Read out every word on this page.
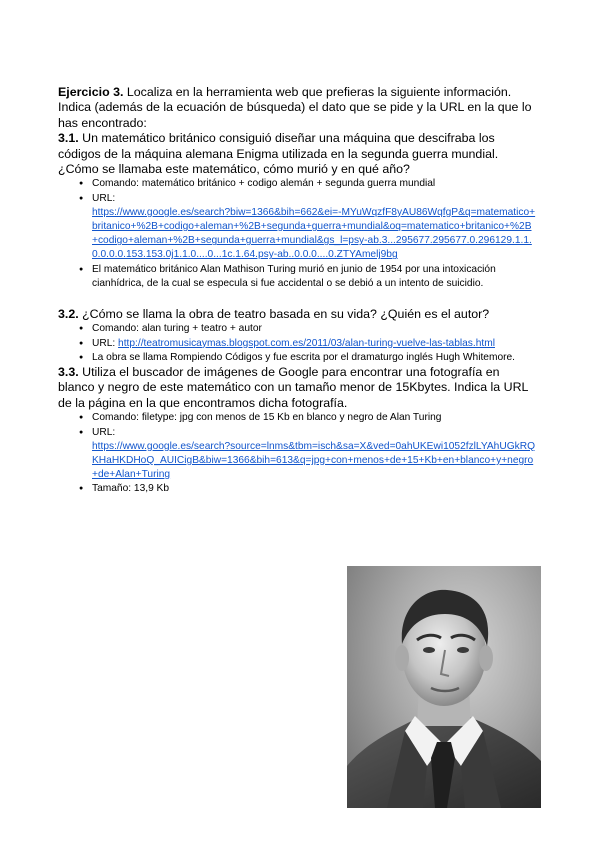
Ejercicio 3. Localiza en la herramienta web que prefieras la siguiente información. Indica (además de la ecuación de búsqueda) el dato que se pide y la URL en la que lo has encontrado:

3.1. Un matemático británico consiguió diseñar una máquina que descifraba los códigos de la máquina alemana Enigma utilizada en la segunda guerra mundial. ¿Cómo se llamaba este matemático, cómo murió y en qué año?

● Comando: matemático británico + codigo alemán + segunda guerra mundial
● URL:
https://www.google.es/search?biw=1366&bih=662&ei=-MYuWqzfF8yAU86WqfgP&q=matematico+britanico+%2B+codigo+aleman+%2B+segunda+guerra+mundial&oq=matematico+britanico+%2B+codigo+aleman+%2B+segunda+guerra+mundial&gs_l=psy-ab.3...295677.295677.0.296129.1.1.0.0.0.0.153.153.0j1.1.0....0...1c.1.64.psy-ab..0.0.0....0.ZTYAmelj9bg
● El matemático británico Alan Mathison Turing murió en junio de 1954 por una intoxicación cianhídrica, de la cual se especula si fue accidental o se debió a un intento de suicidio.

3.2. ¿Cómo se llama la obra de teatro basada en su vida? ¿Quién es el autor?

● Comando: alan turing + teatro + autor
● URL: http://teatromusicaymas.blogspot.com.es/2011/03/alan-turing-vuelve-las-tablas.html
● La obra se llama Rompiendo Códigos y fue escrita por el dramaturgo inglés Hugh Whitemore.

3.3. Utiliza el buscador de imágenes de Google para encontrar una fotografía en blanco y negro de este matemático con un tamaño menor de 15Kbytes. Indica la URL de la página en la que encontramos dicha fotografía.

● Comando: filetype: jpg con menos de 15 Kb en blanco y negro de Alan Turing
● URL:
https://www.google.es/search?source=lnms&tbm=isch&sa=X&ved=0ahUKEwi1052fzlLYAhUGkRQKHaHKDHoQ_AUICigB&biw=1366&bih=613&q=jpg+con+menos+de+15+Kb+en+blanco+y+negro+de+Alan+Turing
● Tamaño: 13,9 Kb
